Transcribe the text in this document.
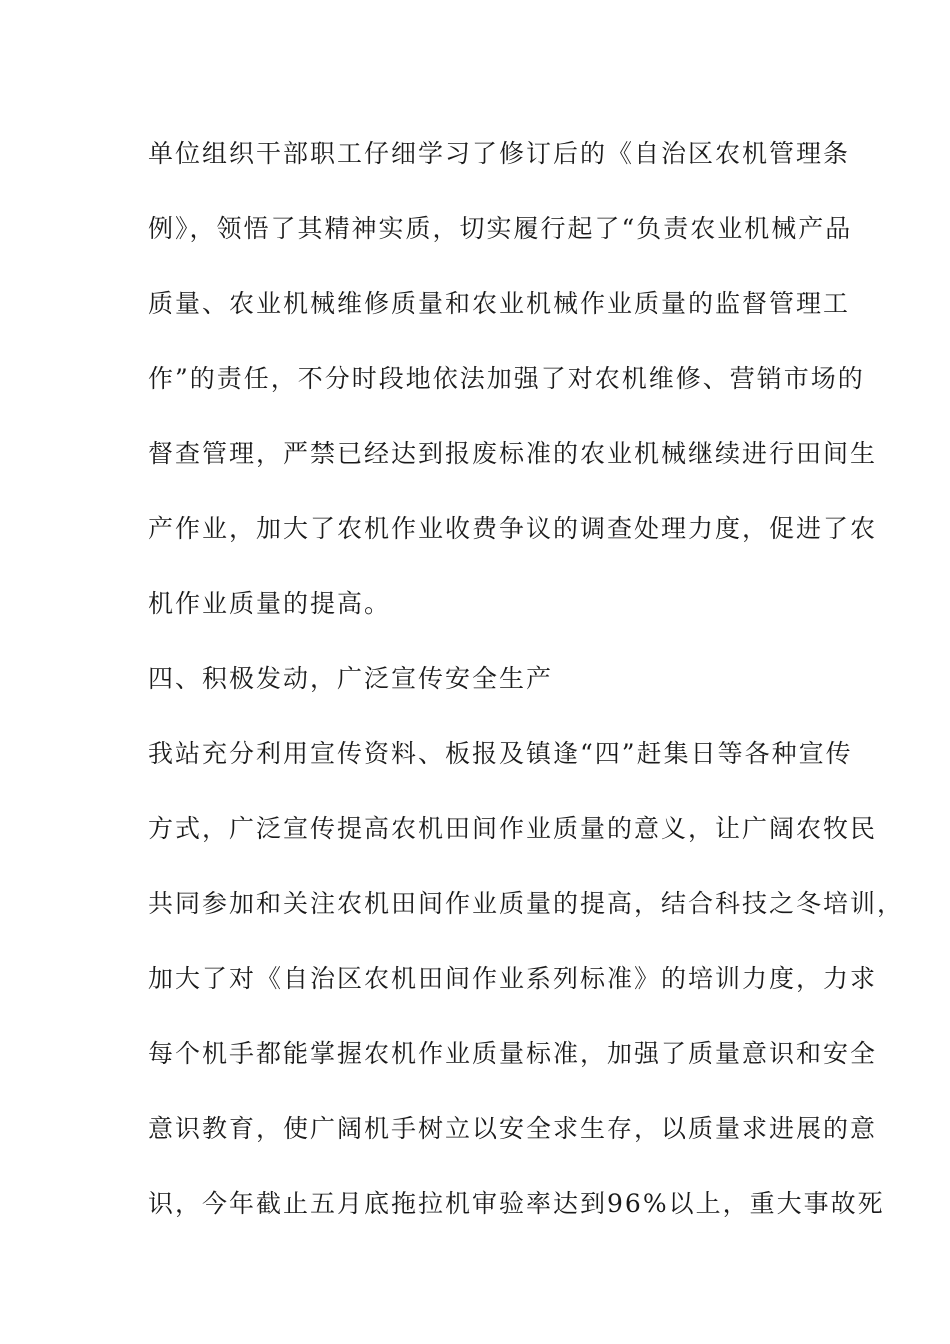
单位组织干部职工仔细学习了修订后的《自治区农机管理条
例》，领悟了其精神实质，切实履行起了“负责农业机械产品
质量、农业机械维修质量和农业机械作业质量的监督管理工
作”的责任，不分时段地依法加强了对农机维修、营销市场的
督查管理，严禁已经达到报废标准的农业机械继续进行田间生
产作业，加大了农机作业收费争议的调查处理力度，促进了农
机作业质量的提高。
四、积极发动，广泛宣传安全生产
我站充分利用宣传资料、板报及镇逢“四”赶集日等各种宣传
方式，广泛宣传提高农机田间作业质量的意义，让广阔农牧民
共同参加和关注农机田间作业质量的提高，结合科技之冬培训，
加大了对《自治区农机田间作业系列标准》的培训力度，力求
每个机手都能掌握农机作业质量标准，加强了质量意识和安全
意识教育，使广阔机手树立以安全求生存，以质量求进展的意
识，今年截止五月底拖拉机审验率达到96%以上，重大事故死
